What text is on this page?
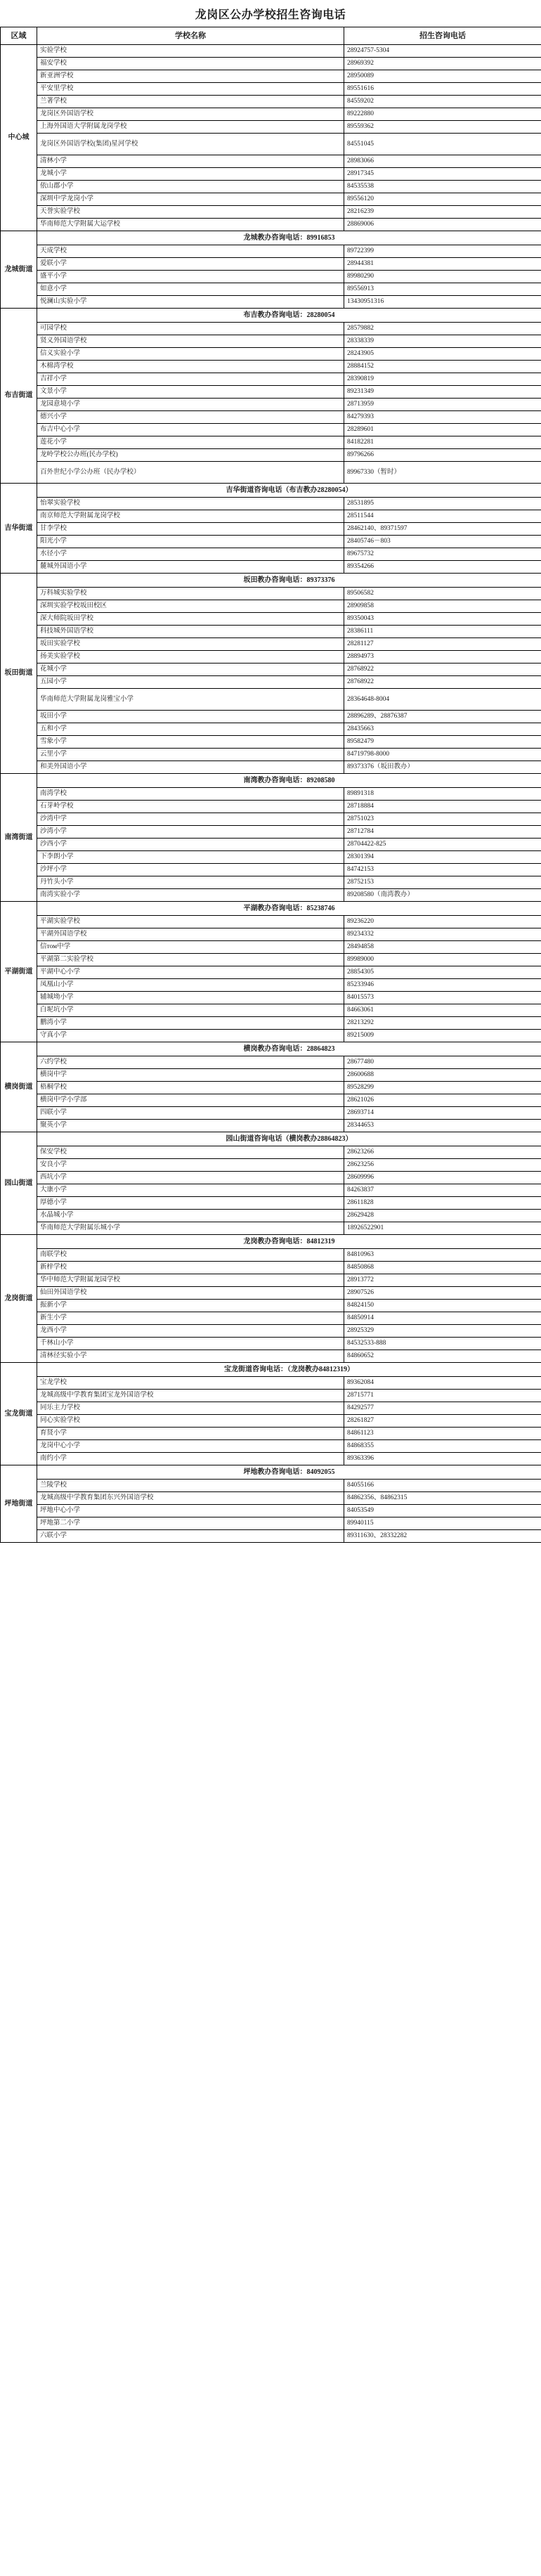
龙岗区公办学校招生咨询电话
区域	学校名称	招生咨询电话
中心城	实验学校	28924757-5304
	福安学校	28969392
	新亚洲学校	28950089
	平安里学校	89551616
	兰著学校	84559202
	龙岗区外国语学校	89222880
	上海外国语大学附属龙岗学校	89559362
	龙岗区外国语学校(集团)星河学校	84551045
	清林小学	28983066
	龙城小学	28917345
	依山郡小学	84535538
	深圳中学龙岗小学	89556120
	天誉实验学校	28216239
	华南师范大学附属大运学校	28869006
龙城街道	龙城教办咨询电话：89916853	
	天成学校	89722399
	爱联小学	28944381
	盛平小学	89980290
	如意小学	89556913
	悦澜山实验小学	13430951316
布吉街道	布吉教办咨询电话：28280054	
	可园学校	28579882
	贤义外国语学校	28338339
	信义实验小学	28243905
	木棉湾学校	28884152
	吉祥小学	28390819
	文景小学	89231349
	龙园意境小学	28713959
	德兴小学	84279393
	布吉中心小学	28289601
	莲花小学	84182281
	龙岭学校公办班(民办学校)	89796266
	百外世纪小学公办班（民办学校）	89967330（暂时）
吉华街道	吉华街道咨询电话（布吉教办28280054）	
	怡翠实验学校	28531895
	南京师范大学附属龙岗学校	28511544
	甘李学校	28462140、89371597
	阳光小学	28405746－803
	水径小学	89675732
	麓城外国语小学	89354266
坂田街道	坂田教办咨询电话：89373376	
	万科城实验学校	89506582
	深圳实验学校坂田校区	28909858
	深大师院坂田学校	89350043
	科技城外国语学校	28386111
	坂田实验学校	28281127
	扬美实验学校	28894973
	花城小学	28768922
	五园小学	28768922
	华南师范大学附属龙岗雅宝小学	28364648-8004
	坂田小学	28896289、28876387
	五和小学	28435663
	雪象小学	89582479
	云里小学	84719798-8000
	和美外国语小学	89373376（坂田教办）
南湾街道	南湾教办咨询电话：89208580	
	南湾学校	89891318
	石芽岭学校	28718884
	沙湾中学	28751023
	沙湾小学	28712784
	沙西小学	28704422-825
	下李朗小学	28301394
	沙坪小学	84742153
	丹竹头小学	28752153
	南湾实验小学	89208580（南湾教办）
平湖街道	平湖教办咨询电话：85238746	
	平湖实验学校	89236220
	平湖外国语学校	89234332
	信том中学	28494858
	平湖第二实验学校	89989000
	平湖中心小学	28854305
	凤凰山小学	85233946
	辅城坳小学	84015573
	白坭坑小学	84663061
	鹏湾小学	28213292
	守真小学	89215009
横岗街道	横岗教办咨询电话：28864823	
	六约学校	28677480
	横岗中学	28600688
	梧桐学校	89528299
	横岗中学小学部	28621026
	四联小学	28693714
	聚英小学	28344653
园山街道	园山街道咨询电话（横岗教办28864823）	
	保安学校	28623266
	安良小学	28623256
	西坑小学	28609996
	大康小学	84263837
	厚德小学	28611828
	水晶城小学	28629428
	华南师范大学附属乐城小学	18926522901
龙岗街道	龙岗教办咨询电话：84812319	
	南联学校	84810963
	新梓学校	84850868
	华中师范大学附属龙园学校	28913772
	仙田外国语学校	28907526
	振新小学	84824150
	新生小学	84850914
	龙西小学	28925329
	千林山小学	84532533-888
	清林径实验小学	84860652
宝龙街道	宝龙街道咨询电话：（龙岗教办84812319）	
	宝龙学校	89362084
	龙城高级中学教育集团宝龙外国语学校	28715771
	同乐主力学校	84292577
	同心实验学校	28261827
	育贤小学	84861123
	龙岗中心小学	84868355
	南约小学	89363396
坪地街道	坪地教办咨询电话：84092055	
	兰陵学校	84055166
	龙城高级中学教育集团东兴外国语学校	84862356、84862315
	坪地中心小学	84053549
	坪地第二小学	89940115
	六联小学	89311630、28332282
